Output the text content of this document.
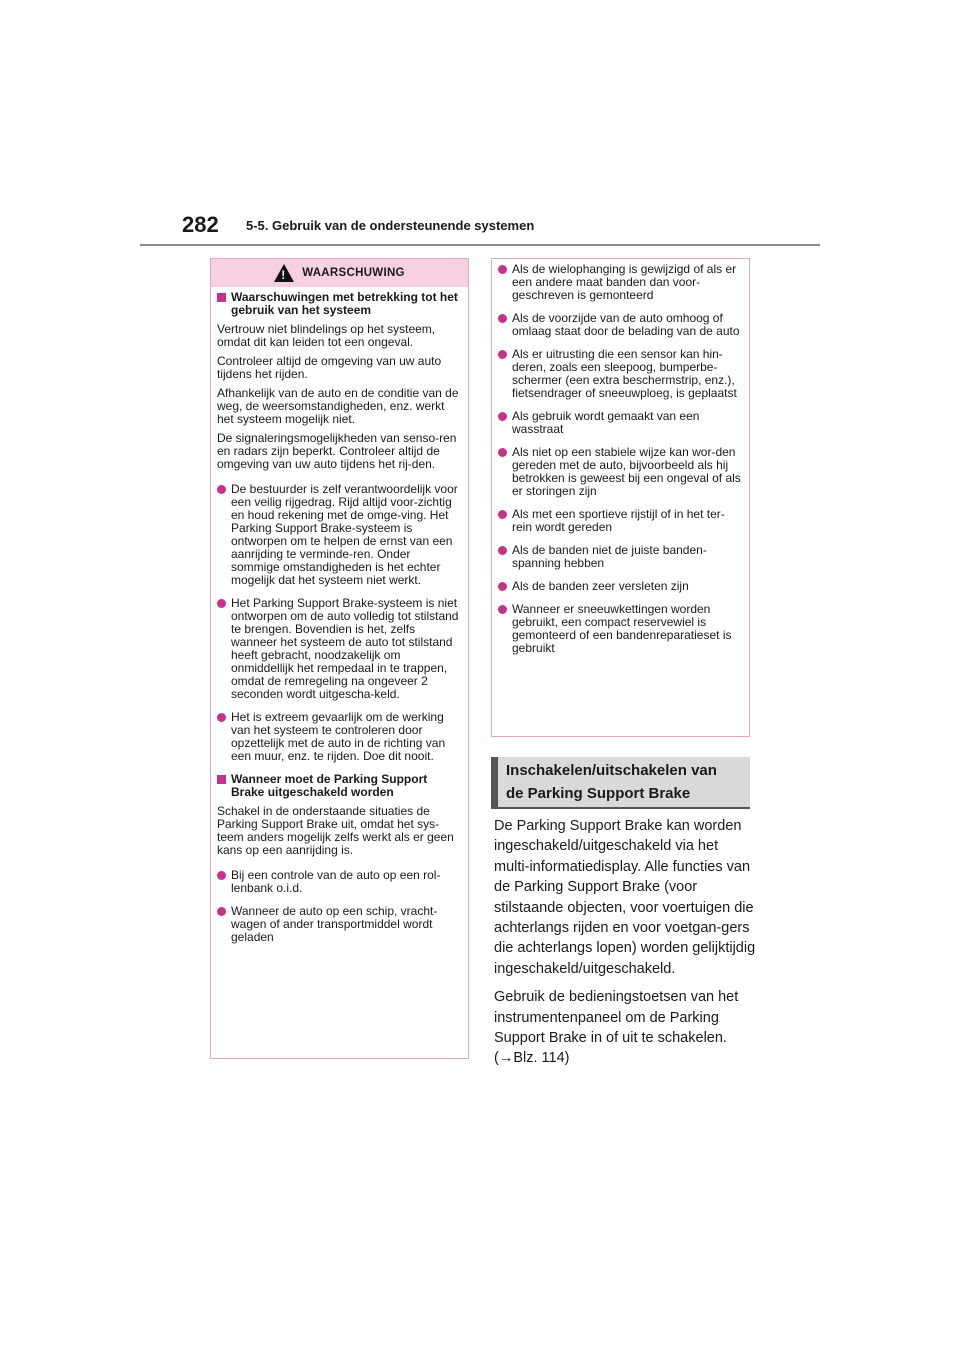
282 5-5. Gebruik van de ondersteunende systemen
!
WAARSCHUWING
Waarschuwingen met betrekking tot het gebruik van het systeem

Vertrouw niet blindelings op het systeem, omdat dit kan leiden tot een ongeval.

Controleer altijd de omgeving van uw auto tijdens het rijden.

Afhankelijk van de auto en de conditie van de weg, de weersomstandigheden, enz. werkt het systeem mogelijk niet.

De signaleringsmogelijkheden van senso-ren en radars zijn beperkt. Controleer altijd de omgeving van uw auto tijdens het rij-den.

De bestuurder is zelf verantwoordelijk voor een veilig rijgedrag. Rijd altijd voor-zichtig en houd rekening met de omge-ving. Het Parking Support Brake-systeem is ontworpen om te helpen de ernst van een aanrijding te verminde-ren. Onder sommige omstandigheden is het echter mogelijk dat het systeem niet werkt.
Het Parking Support Brake-systeem is niet ontworpen om de auto volledig tot stilstand te brengen. Bovendien is het, zelfs wanneer het systeem de auto tot stilstand heeft gebracht, noodzakelijk om onmiddellijk het rempedaal in te trappen, omdat de remregeling na ongeveer 2 seconden wordt uitgescha-keld.
Het is extreem gevaarlijk om de werking van het systeem te controleren door opzettelijk met de auto in de richting van een muur, enz. te rijden. Doe dit nooit.
Wanneer moet de Parking Support Brake uitgeschakeld worden

Schakel in de onderstaande situaties de Parking Support Brake uit, omdat het sys-teem anders mogelijk zelfs werkt als er geen kans op een aanrijding is.

Bij een controle van de auto op een rol-lenbank o.i.d.
Wanneer de auto op een schip, vracht-wagen of ander transportmiddel wordt geladen
Als de wielophanging is gewijzigd of als er een andere maat banden dan voor-geschreven is gemonteerd
Als de voorzijde van de auto omhoog of omlaag staat door de belading van de auto
Als er uitrusting die een sensor kan hin-deren, zoals een sleepoog, bumperbe-schermer (een extra beschermstrip, enz.), fietsendrager of sneeuwploeg, is geplaatst
Als gebruik wordt gemaakt van een wasstraat
Als niet op een stabiele wijze kan wor-den gereden met de auto, bijvoorbeeld als hij betrokken is geweest bij een ongeval of als er storingen zijn
Als met een sportieve rijstijl of in het ter-rein wordt gereden
Als de banden niet de juiste banden-spanning hebben
Als de banden zeer versleten zijn
Wanneer er sneeuwkettingen worden gebruikt, een compact reservewiel is gemonteerd of een bandenreparatieset is gebruikt
Inschakelen/uitschakelen van
de Parking Support Brake

De Parking Support Brake kan worden ingeschakeld/uitgeschakeld via het multi-informatiedisplay. Alle functies van de Parking Support Brake (voor stilstaande objecten, voor voertuigen die achterlangs rijden en voor voetgan-gers die achterlangs lopen) worden gelijktijdig ingeschakeld/uitgeschakeld.

Gebruik de bedieningstoetsen van het instrumentenpaneel om de Parking Support Brake in of uit te schakelen.

(→Blz. 114)
